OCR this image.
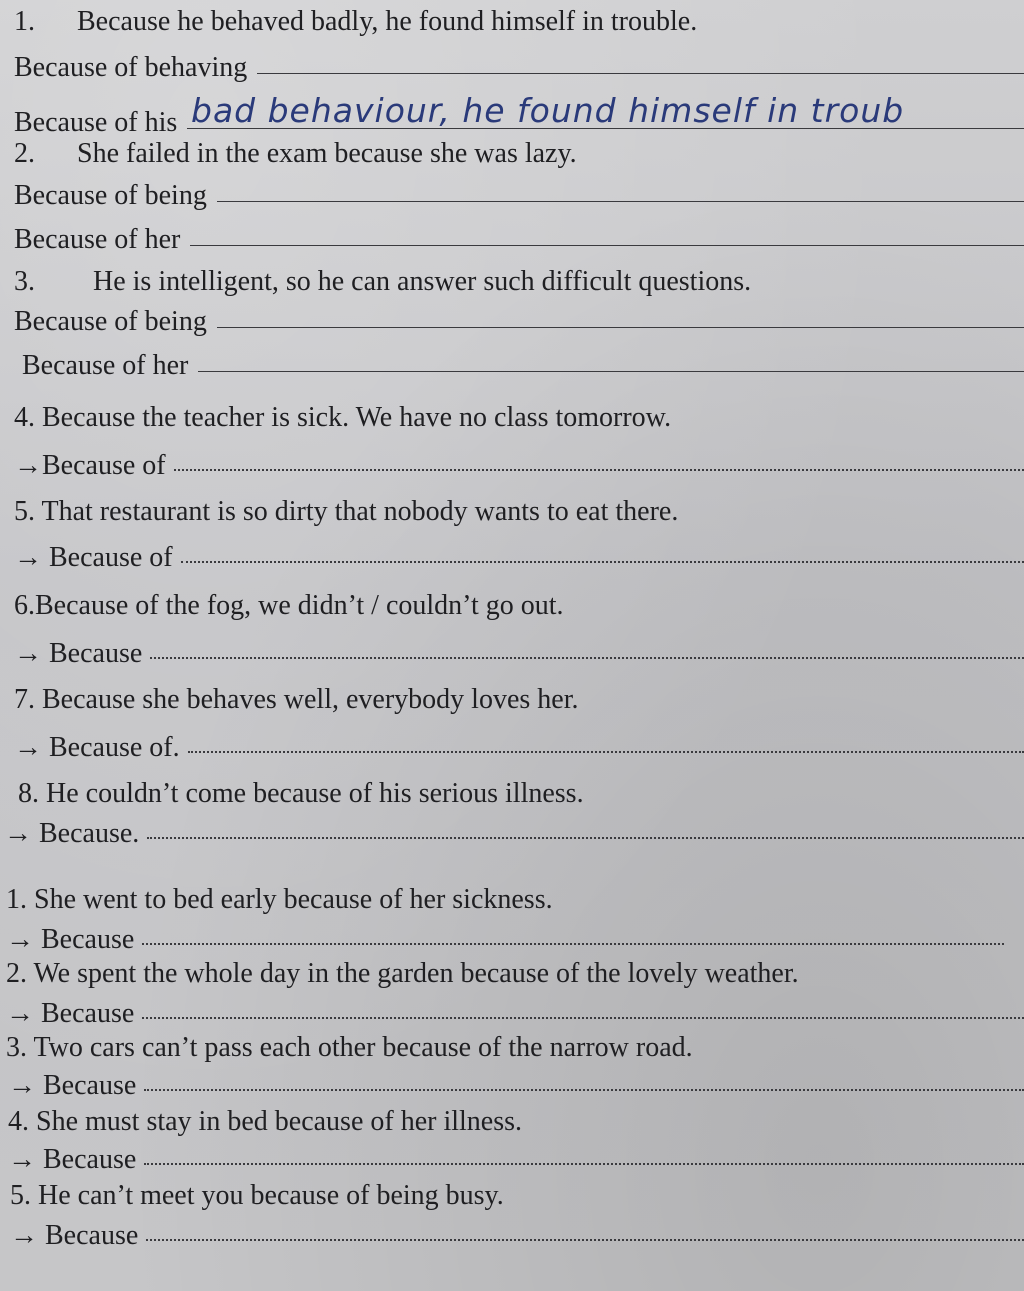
1. Because he behaved badly, he found himself in trouble.
Because of behaving
Because of his bad behaviour, he found himself in troub
2. She failed in the exam because she was lazy.
Because of being
Because of her
3. He is intelligent, so he can answer such difficult questions.
Because of being
Because of her
4. Because the teacher is sick. We have no class tomorrow.
→Because of
5. That restaurant is so dirty that nobody wants to eat there.
→ Because of
6.Because of the fog, we didn’t / couldn’t go out.
→ Because
7. Because she behaves well, everybody loves her.
→ Because of.
8. He couldn’t come because of his serious illness.
→ Because.
1. She went to bed early because of her sickness.
→ Because
2. We spent the whole day in the garden because of the lovely weather.
→ Because
3. Two cars can’t pass each other because of the narrow road.
→ Because
4. She must stay in bed because of her illness.
→ Because
5. He can’t meet you because of being busy.
→ Because
